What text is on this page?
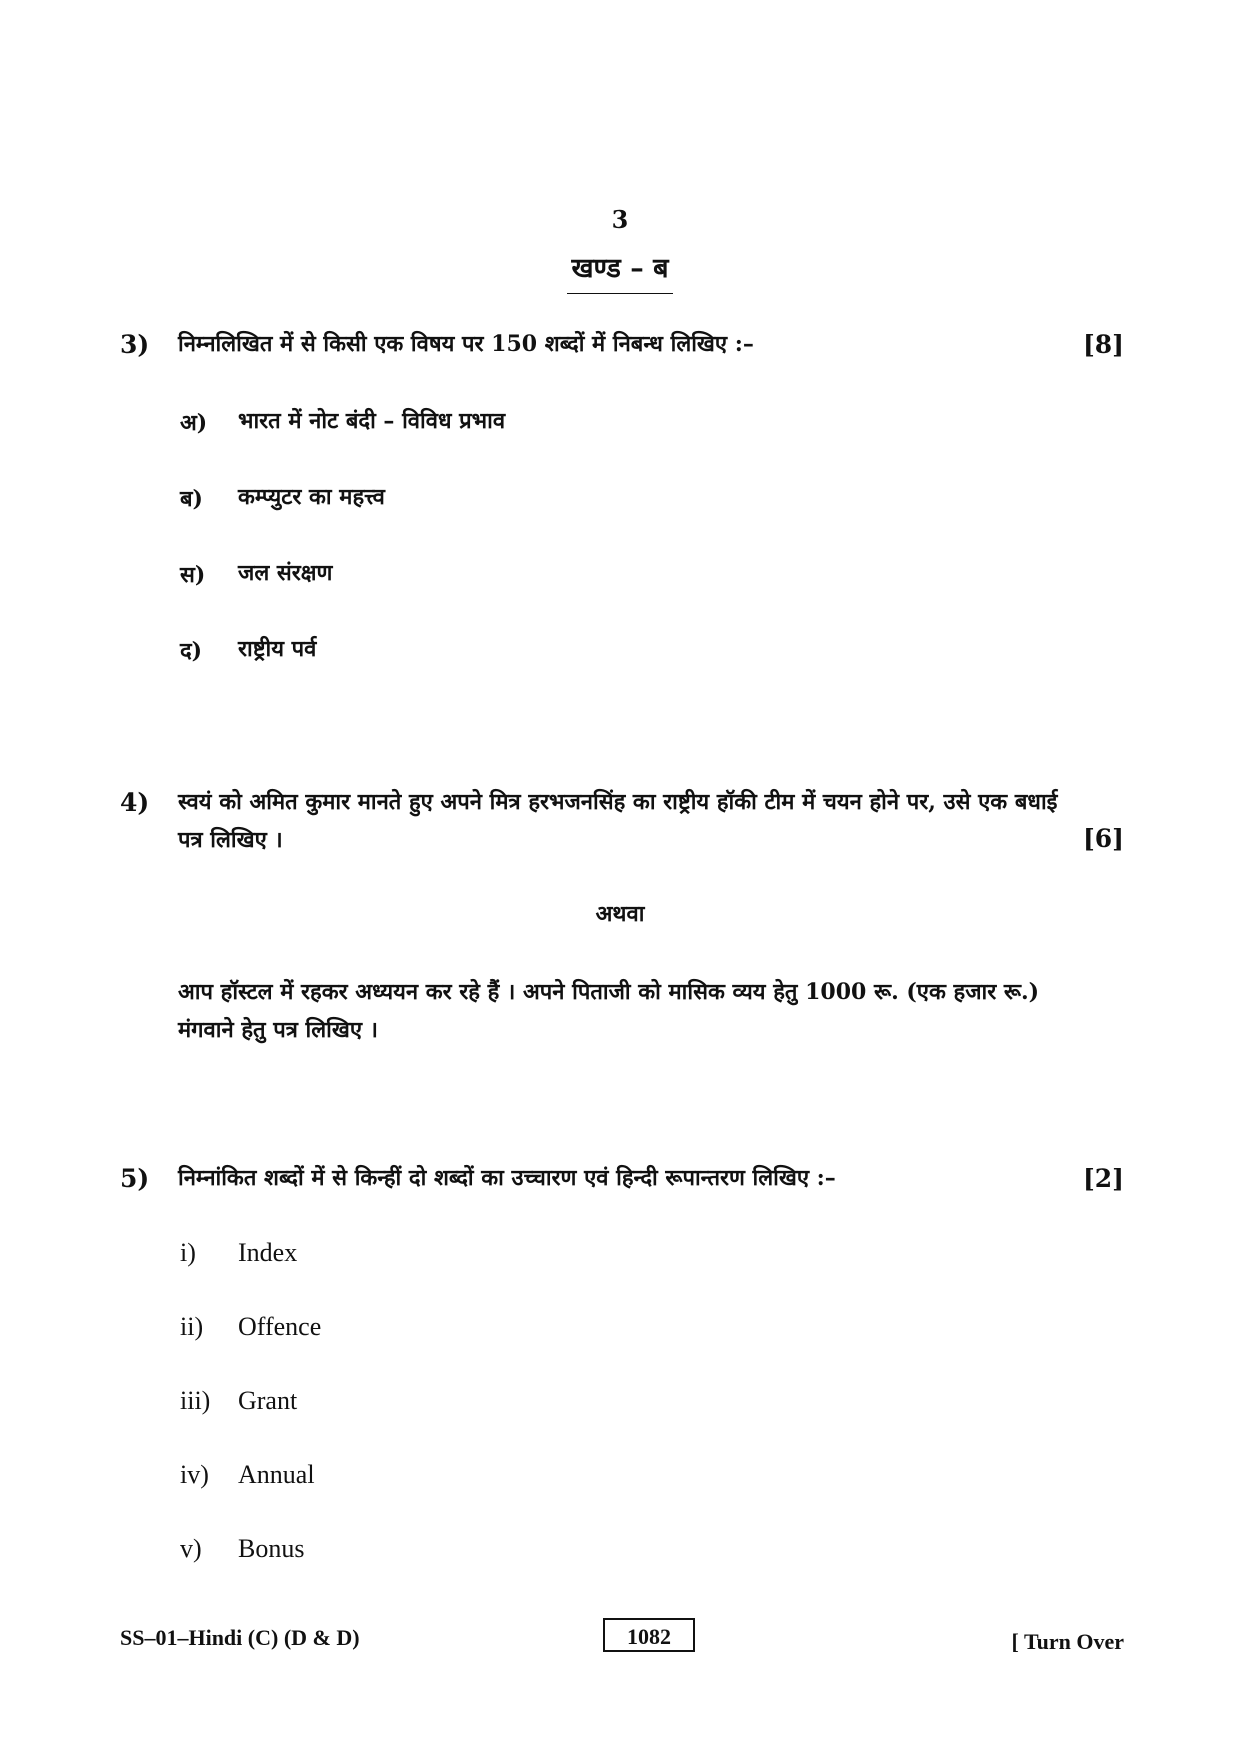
3
खण्ड – ब
3) निम्नलिखित में से किसी एक विषय पर 150 शब्दों में निबन्ध लिखिए :–	[8]
अ) भारत में नोट बंदी – विविध प्रभाव
ब) कम्प्युटर का महत्त्व
स) जल संरक्षण
द) राष्ट्रीय पर्व
4) स्वयं को अमित कुमार मानते हुए अपने मित्र हरभजनसिंह का राष्ट्रीय हॉकी टीम में चयन होने पर, उसे एक बधाई
पत्र लिखिए ।	[6]
अथवा
आप हॉस्टल में रहकर अध्ययन कर रहे हैं । अपने पिताजी को मासिक व्यय हेतु 1000 रू. (एक हजार रू.)
मंगवाने हेतु पत्र लिखिए ।
5) निम्नांकित शब्दों में से किन्हीं दो शब्दों का उच्चारण एवं हिन्दी रूपान्तरण लिखिए :–	[2]
i) Index
ii) Offence
iii) Grant
iv) Annual
v) Bonus
SS–01–Hindi (C) (D & D)	1082	[ Turn Over
